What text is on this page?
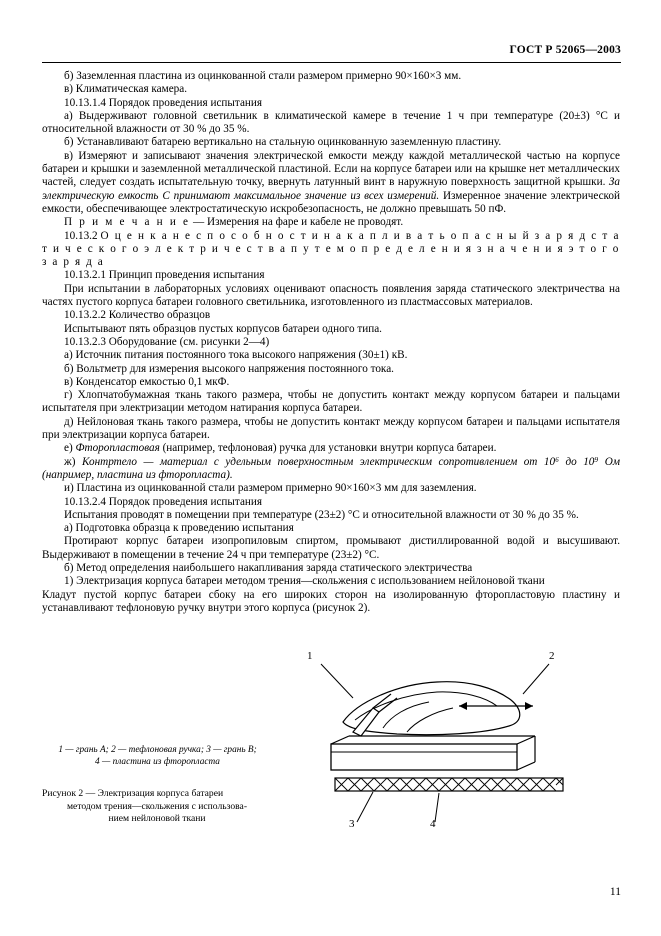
ГОСТ Р 52065—2003

б) Заземленная пластина из оцинкованной стали размером примерно 90×160×3 мм.

в) Климатическая камера.

10.13.1.4 Порядок проведения испытания

а) Выдерживают головной светильник в климатической камере в течение 1 ч при температуре (20±3) °С и относительной влажности от 30 % до 35 %.

б) Устанавливают батарею вертикально на стальную оцинкованную заземленную пластину.

в) Измеряют и записывают значения электрической емкости между каждой металлической частью на корпусе батареи и крышки и заземленной металлической пластиной. Если на корпусе батареи или на крышке нет металлических частей, следует создать испытательную точку, ввернуть латунный винт в наружную поверхность защитной крышки. За электрическую емкость С принимают максимальное значение из всех измерений. Измеренное значение электрической емкости, обеспечивающее электростатическую искробезопасность, не должно превышать 50 пФ.

П р и м е ч а н и е — Измерения на фаре и кабеле не проводят.

10.13.2 О ц е н к а н е с п о с о б н о с т и н а к а п л и в а т ь о п а с н ы й з а р я д с т а т и ч е с к о г о э л е к т р и ч е с т в а п у т е м о п р е д е л е н и я з н а ч е н и я э т о г о з а р я д а

10.13.2.1 Принцип проведения испытания

При испытании в лабораторных условиях оценивают опасность появления заряда статического электричества на частях пустого корпуса батареи головного светильника, изготовленного из пластмассовых материалов.

10.13.2.2 Количество образцов

Испытывают пять образцов пустых корпусов батареи одного типа.

10.13.2.3 Оборудование (см. рисунки 2—4)

а) Источник питания постоянного тока высокого напряжения (30±1) кВ.

б) Вольтметр для измерения высокого напряжения постоянного тока.

в) Конденсатор емкостью 0,1 мкФ.

г) Хлопчатобумажная ткань такого размера, чтобы не допустить контакт между корпусом батареи и пальцами испытателя при электризации методом натирания корпуса батареи.

д) Нейлоновая ткань такого размера, чтобы не допустить контакт между корпусом батареи и пальцами испытателя при электризации корпуса батареи.

е) Фторопластовая (например, тефлоновая) ручка для установки внутри корпуса батареи.

ж) Контртело — материал с удельным поверхностным электрическим сопротивлением от 10⁶ до 10⁹ Ом (например, пластина из фторопласта).

и) Пластина из оцинкованной стали размером примерно 90×160×3 мм для заземления.

10.13.2.4 Порядок проведения испытания

Испытания проводят в помещении при температуре (23±2) °С и относительной влажности от 30 % до 35 %.

а) Подготовка образца к проведению испытания

Протирают корпус батареи изопропиловым спиртом, промывают дистиллированной водой и высушивают. Выдерживают в помещении в течение 24 ч при температуре (23±2) °С.

б) Метод определения наибольшего накапливания заряда статического электричества

1) Электризация корпуса батареи методом трения—скольжения с использованием нейлоновой ткани

Кладут пустой корпус батареи сбоку на его широких сторон на изолированную фторопластовую пластину и устанавливают тефлоновую ручку внутри этого корпуса (рисунок 2).

1 — грань А; 2 — тефлоновая ручка; 3 — грань В;
4 — пластина из фторопласта
Рисунок 2 — Электризация корпуса батареи
методом трения—скольжения с использова-
нием нейлоновой ткани
1	2
3	4
11
